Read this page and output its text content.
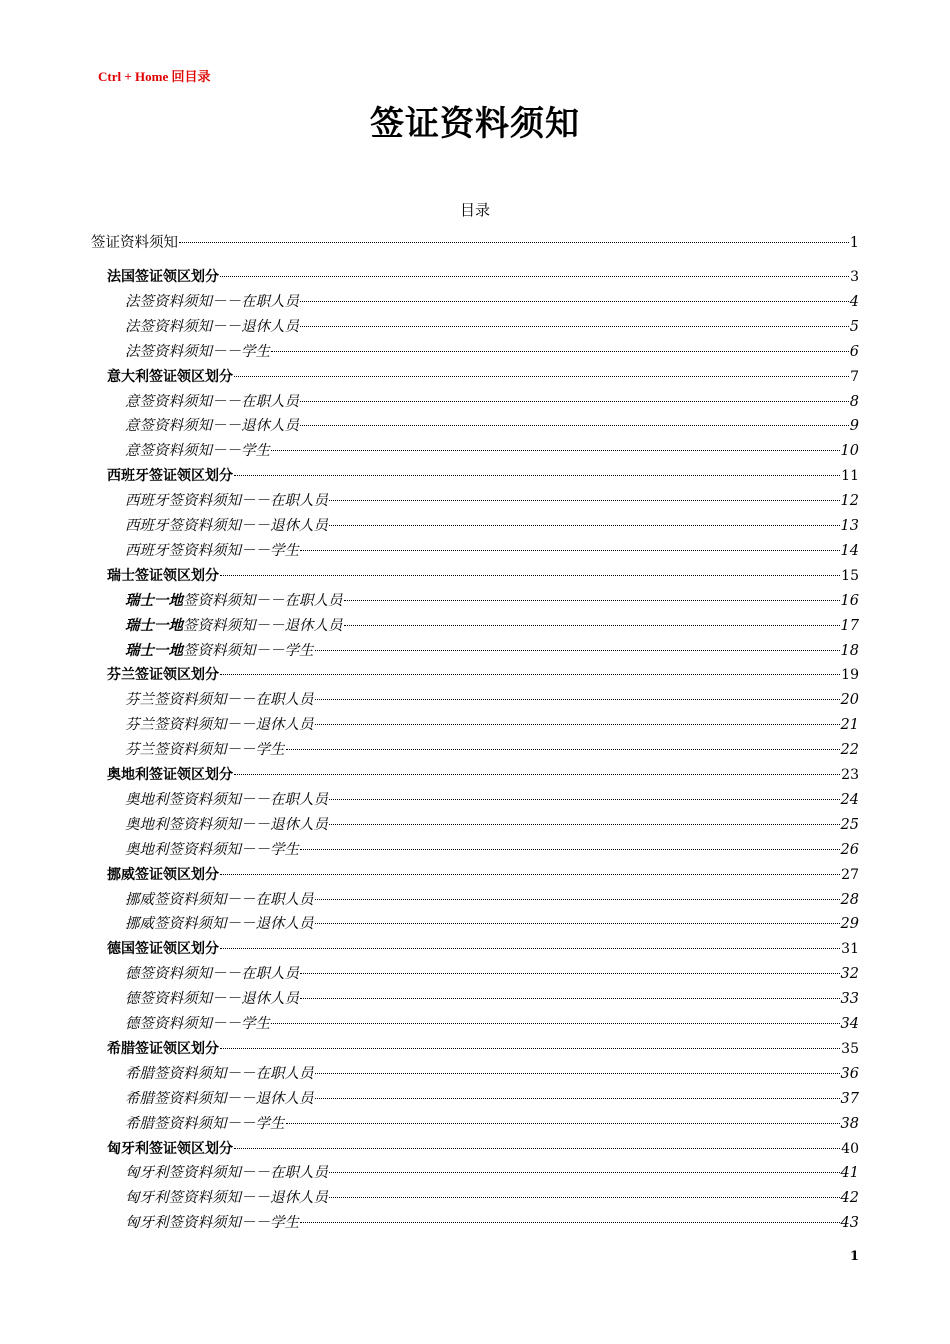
Ctrl + Home 回目录
签证资料须知
目录
签证资料须知	1
法国签证领区划分	3
法签资料须知－－在职人员	4
法签资料须知－－退休人员	5
法签资料须知－－学生	6
意大利签证领区划分	7
意签资料须知－－在职人员	8
意签资料须知－－退休人员	9
意签资料须知－－学生	10
西班牙签证领区划分	11
西班牙签资料须知－－在职人员	12
西班牙签资料须知－－退休人员	13
西班牙签资料须知－－学生	14
瑞士签证领区划分	15
瑞士一地签资料须知－－在职人员	16
瑞士一地签资料须知－－退休人员	17
瑞士一地签资料须知－－学生	18
芬兰签证领区划分	19
芬兰签资料须知－－在职人员	20
芬兰签资料须知－－退休人员	21
芬兰签资料须知－－学生	22
奥地利签证领区划分	23
奥地利签资料须知－－在职人员	24
奥地利签资料须知－－退休人员	25
奥地利签资料须知－－学生	26
挪威签证领区划分	27
挪威签资料须知－－在职人员	28
挪威签资料须知－－退休人员	29
德国签证领区划分	31
德签资料须知－－在职人员	32
德签资料须知－－退休人员	33
德签资料须知－－学生	34
希腊签证领区划分	35
希腊签资料须知－－在职人员	36
希腊签资料须知－－退休人员	37
希腊签资料须知－－学生	38
匈牙利签证领区划分	40
匈牙利签资料须知－－在职人员	41
匈牙利签资料须知－－退休人员	42
匈牙利签资料须知－－学生	43
1
